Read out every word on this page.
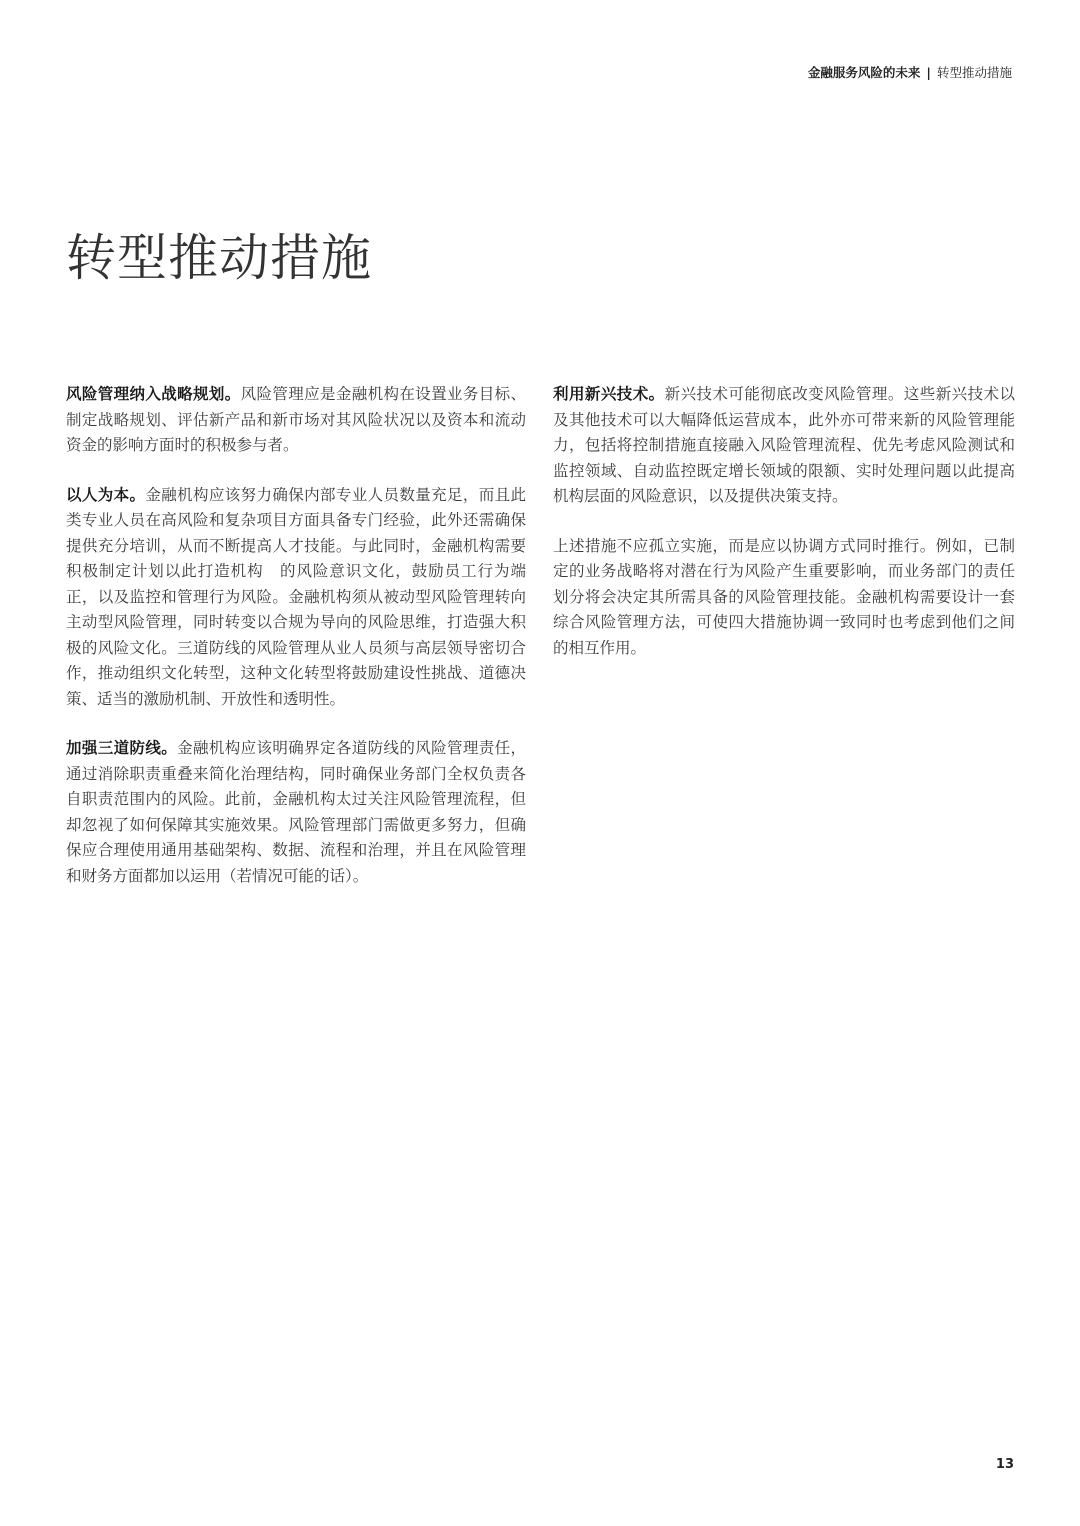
金融服务风险的未来 | 转型推动措施
转型推动措施

风险管理纳入战略规划。风险管理应是金融机构在设置业务目标、制定战略规划、评估新产品和新市场对其风险状况以及资本和流动资金的影响方面时的积极参与者。

以人为本。金融机构应该努力确保内部专业人员数量充足，而且此类专业人员在高风险和复杂项目方面具备专门经验，此外还需确保提供充分培训，从而不断提高人才技能。与此同时，金融机构需要积极制定计划以此打造机构　的风险意识文化，鼓励员工行为端正，以及监控和管理行为风险。金融机构须从被动型风险管理转向主动型风险管理，同时转变以合规为导向的风险思维，打造强大积极的风险文化。三道防线的风险管理从业人员须与高层领导密切合作，推动组织文化转型，这种文化转型将鼓励建设性挑战、道德决策、适当的激励机制、开放性和透明性。

加强三道防线。金融机构应该明确界定各道防线的风险管理责任，通过消除职责重叠来简化治理结构，同时确保业务部门全权负责各自职责范围内的风险。此前，金融机构太过关注风险管理流程，但却忽视了如何保障其实施效果。风险管理部门需做更多努力，但确保应合理使用通用基础架构、数据、流程和治理，并且在风险管理和财务方面都加以运用（若情况可能的话）。

利用新兴技术。新兴技术可能彻底改变风险管理。这些新兴技术以及其他技术可以大幅降低运营成本，此外亦可带来新的风险管理能力，包括将控制措施直接融入风险管理流程、优先考虑风险测试和监控领域、自动监控既定增长领域的限额、实时处理问题以此提高机构层面的风险意识，以及提供决策支持。

上述措施不应孤立实施，而是应以协调方式同时推行。例如，已制定的业务战略将对潜在行为风险产生重要影响，而业务部门的责任划分将会决定其所需具备的风险管理技能。金融机构需要设计一套综合风险管理方法，可使四大措施协调一致同时也考虑到他们之间的相互作用。

13
